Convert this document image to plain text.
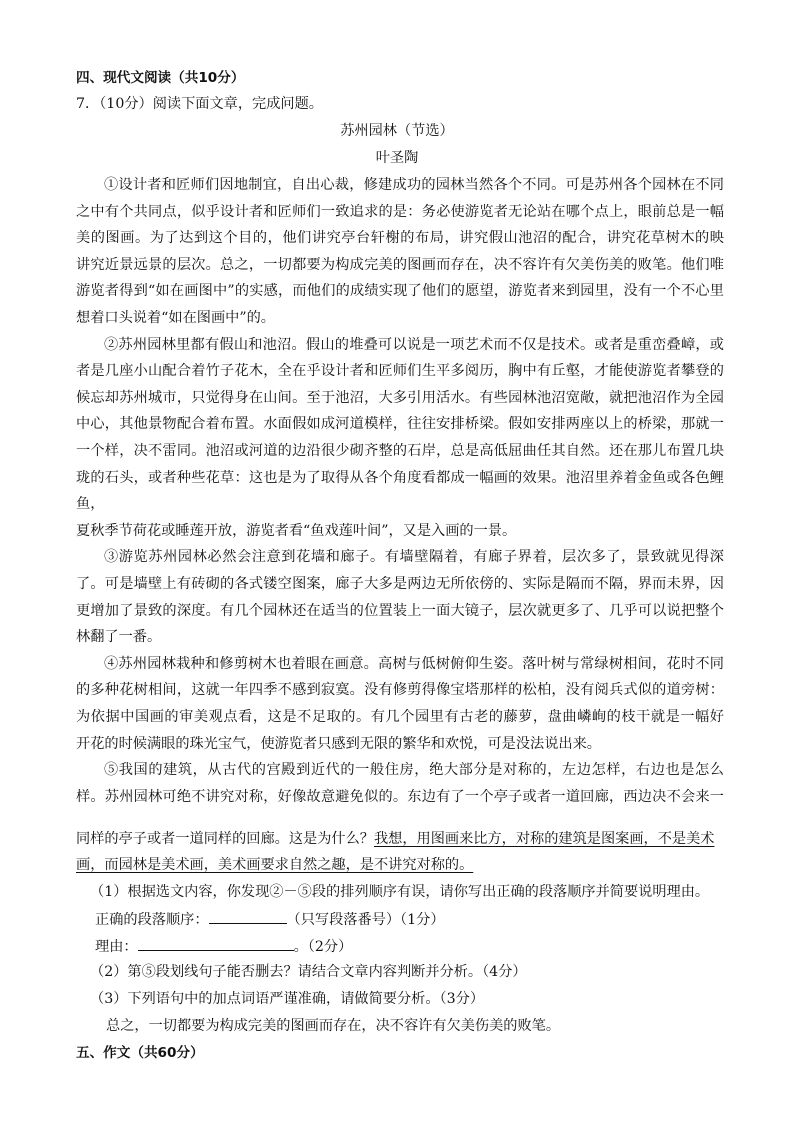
四、现代文阅读（共10分）
7．（10分）阅读下面文章，完成问题。
苏州园林（节选）
叶圣陶
①设计者和匠师们因地制宜，自出心裁，修建成功的园林当然各个不同。可是苏州各个园林在不同
之中有个共同点，似乎设计者和匠师们一致追求的是：务必使游览者无论站在哪个点上，眼前总是一幅
美的图画。为了达到这个目的，他们讲究亭台轩榭的布局，讲究假山池沼的配合，讲究花草树木的映
讲究近景远景的层次。总之，一切都要为构成完美的图画而存在，决不容许有欠美伤美的败笔。他们唯
游览者得到“如在画图中”的实感，而他们的成绩实现了他们的愿望，游览者来到园里，没有一个不心里
想着口头说着“如在图画中”的。
②苏州园林里都有假山和池沼。假山的堆叠可以说是一项艺术而不仅是技术。或者是重峦叠嶂，或
者是几座小山配合着竹子花木，全在乎设计者和匠师们生平多阅历，胸中有丘壑，才能使游览者攀登的
候忘却苏州城市，只觉得身在山间。至于池沼，大多引用活水。有些园林池沼宽敞，就把池沼作为全园
中心，其他景物配合着布置。水面假如成河道模样，往往安排桥梁。假如安排两座以上的桥梁，那就一
一个样，决不雷同。池沼或河道的边沿很少砌齐整的石岸，总是高低屈曲任其自然。还在那儿布置几块
珑的石头，或者种些花草：这也是为了取得从各个角度看都成一幅画的效果。池沼里养着金鱼或各色鲤
鱼，
夏秋季节荷花或睡莲开放，游览者看“鱼戏莲叶间”，又是入画的一景。
③游览苏州园林必然会注意到花墙和廊子。有墙壁隔着，有廊子界着，层次多了，景致就见得深
了。可是墙壁上有砖砌的各式镂空图案，廊子大多是两边无所依傍的、实际是隔而不隔，界而未界，因
更增加了景致的深度。有几个园林还在适当的位置装上一面大镜子，层次就更多了、几乎可以说把整个
林翻了一番。
④苏州园林栽种和修剪树木也着眼在画意。高树与低树俯仰生姿。落叶树与常绿树相间，花时不同
的多种花树相间，这就一年四季不感到寂寞。没有修剪得像宝塔那样的松柏，没有阅兵式似的道旁树：
为依据中国画的审美观点看，这是不足取的。有几个园里有古老的藤萝，盘曲嶙峋的枝干就是一幅好
开花的时候满眼的珠光宝气，使游览者只感到无限的繁华和欢悦，可是没法说出来。
⑤我国的建筑，从古代的宫殿到近代的一般住房，绝大部分是对称的，左边怎样，右边也是怎么
样。苏州园林可绝不讲究对称，好像故意避免似的。东边有了一个亭子或者一道回廊，西边决不会来一
同样的亭子或者一道同样的回廊。这是为什么？我想，用图画来比方，对称的建筑是图案画，不是美术
画，而园林是美术画，美术画要求自然之趣，是不讲究对称的。
（1）根据选文内容，你发现②－⑤段的排列顺序有误，请你写出正确的段落顺序并简要说明理由。
正确的段落顺序：	（只写段落番号）（1分）
理由：	。（2分）
（2）第⑤段划线句子能否删去？请结合文章内容判断并分析。（4分）
（3）下列语句中的加点词语严谨准确，请做简要分析。（3分）
总之，一切都要为构成完美的图画而存在，决不容许有欠美伤美的败笔。
五、作文（共60分）
